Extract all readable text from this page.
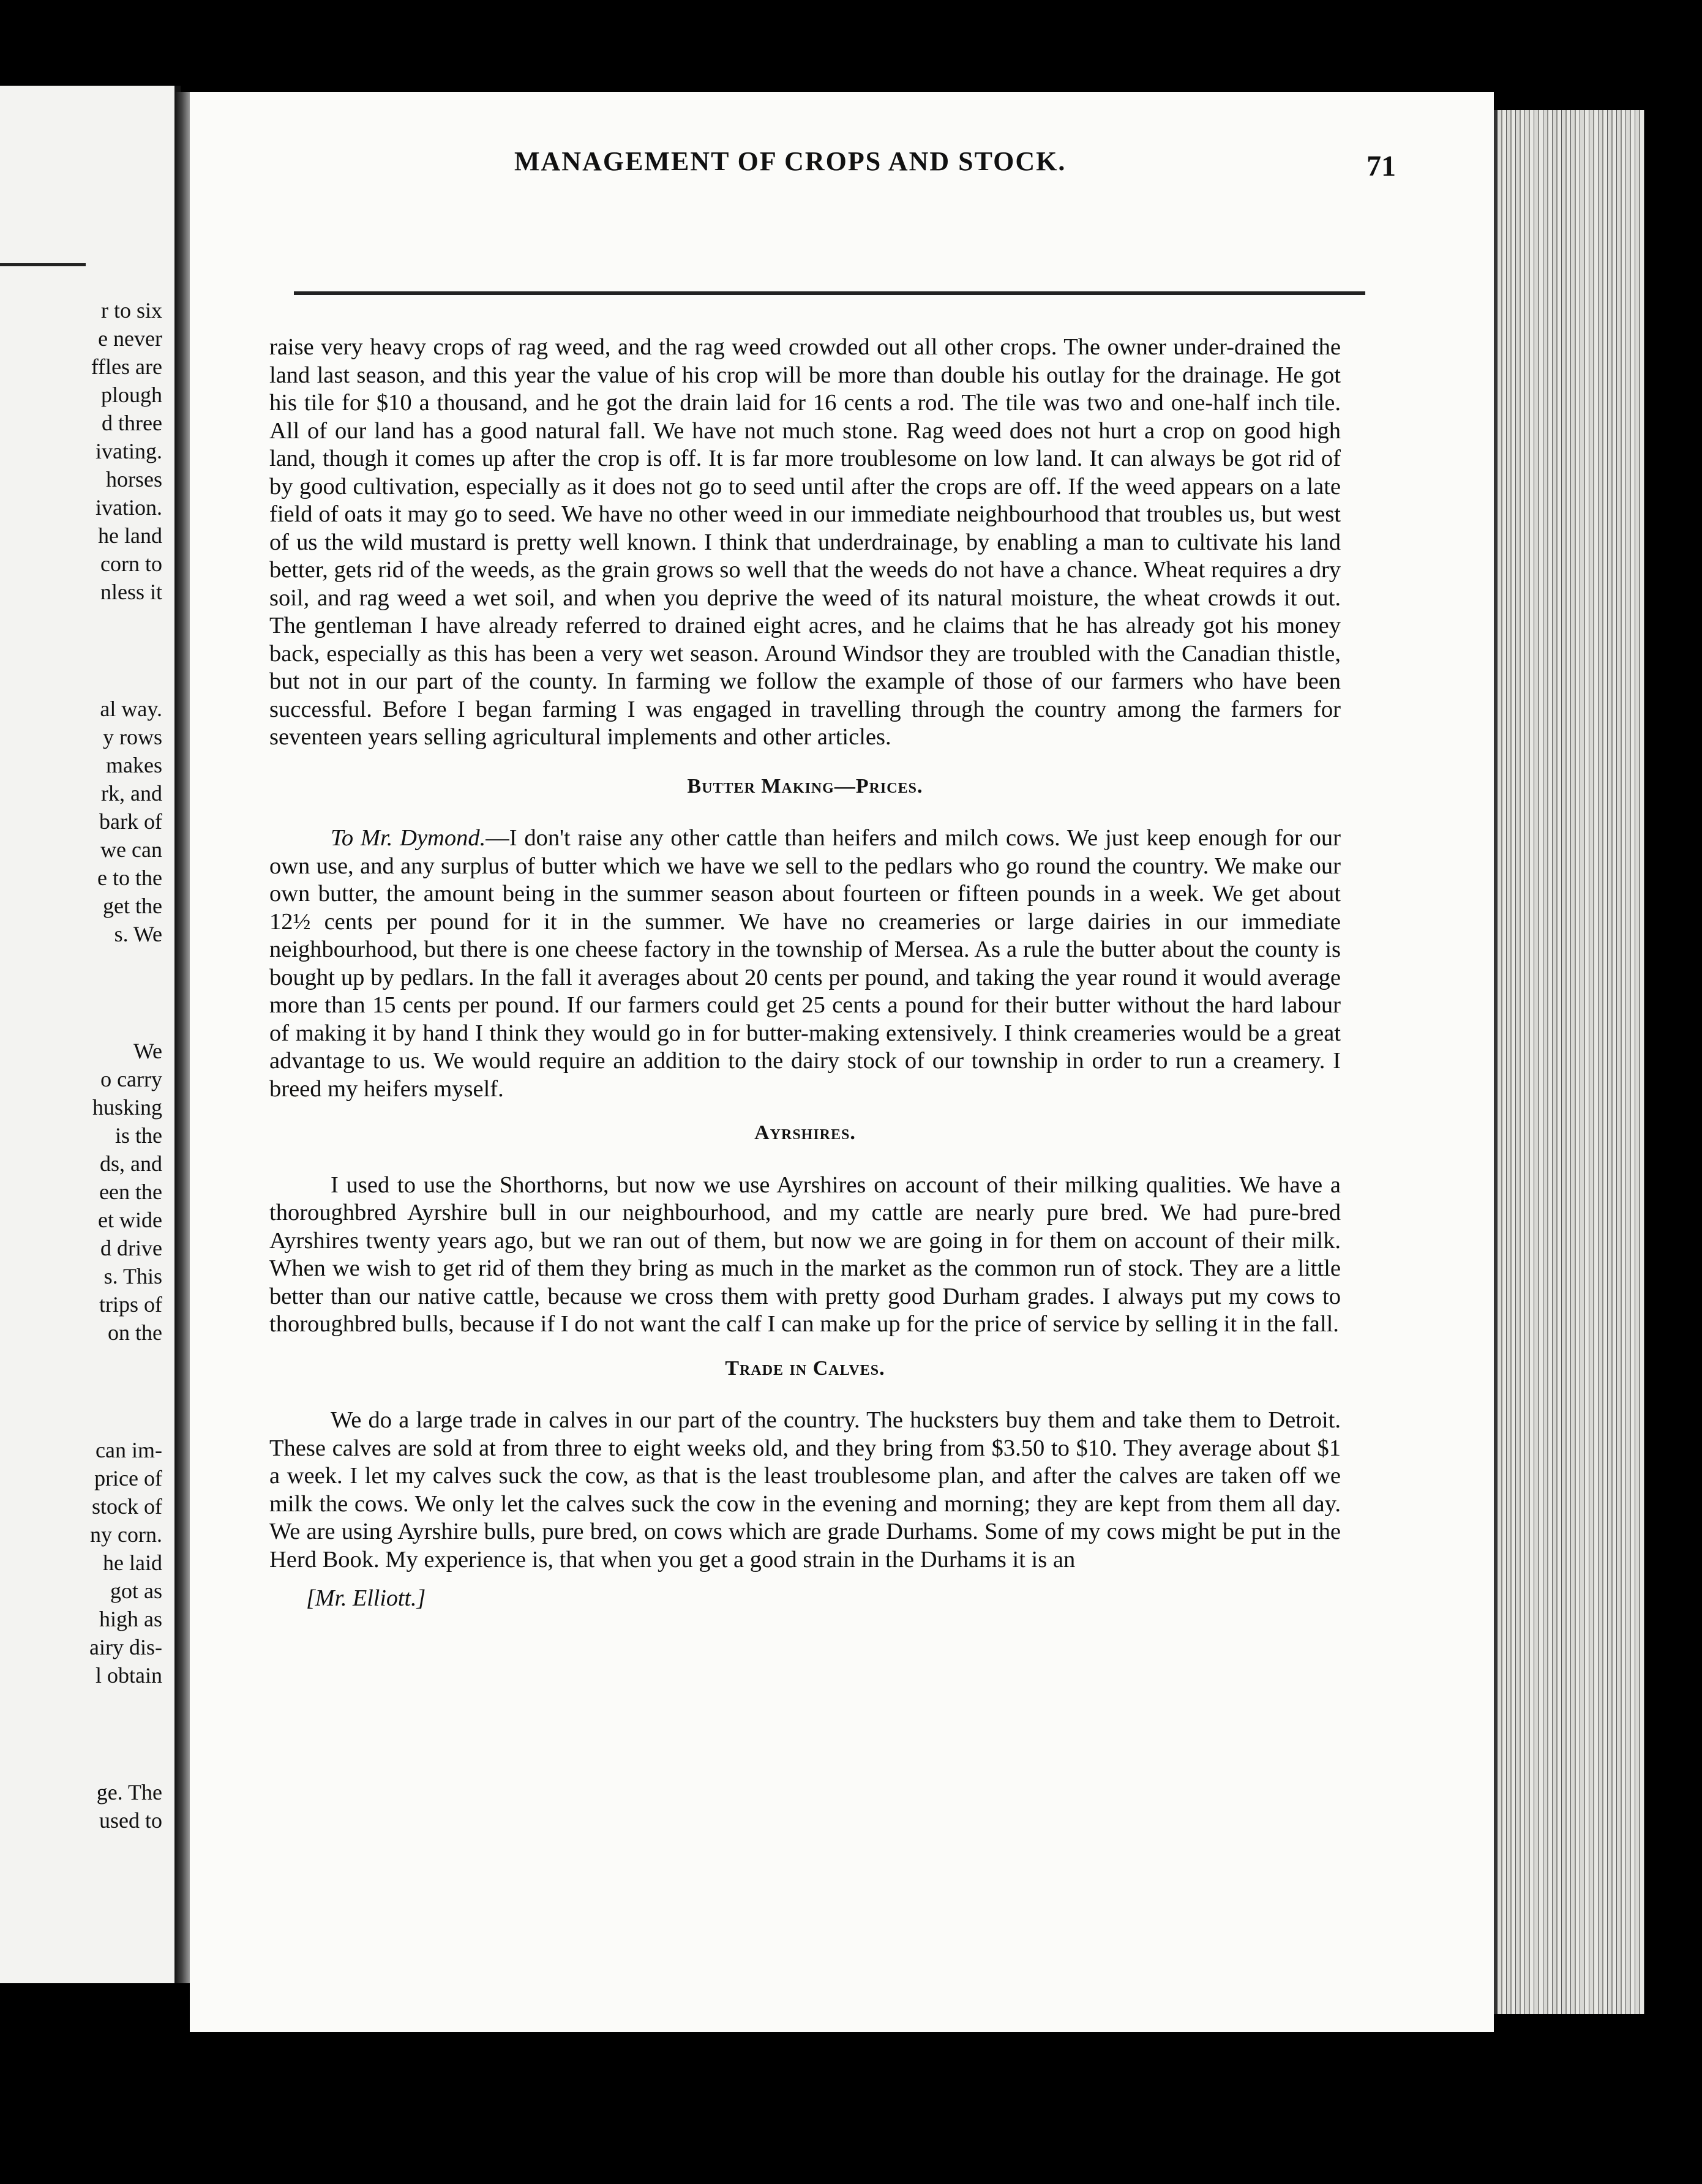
r to six
e never
ffles are
plough
d three
ivating.
horses
ivation.
he land
corn to
nless it
al way.
y rows
makes
rk, and
bark of
we can
e to the
get the
s. We
We
o carry
husking
is the
ds, and
een the
et wide
d drive
s. This
trips of
on the
can im-
price of
stock of
ny corn.
he laid
got as
high as
airy dis-
l obtain
ge. The
used to
MANAGEMENT OF CROPS AND STOCK.	71

raise very heavy crops of rag weed, and the rag weed crowded out all other crops. The owner under-drained the land last season, and this year the value of his crop will be more than double his outlay for the drainage. He got his tile for $10 a thousand, and he got the drain laid for 16 cents a rod. The tile was two and one-half inch tile. All of our land has a good natural fall. We have not much stone. Rag weed does not hurt a crop on good high land, though it comes up after the crop is off. It is far more troublesome on low land. It can always be got rid of by good cultivation, especially as it does not go to seed until after the crops are off. If the weed appears on a late field of oats it may go to seed. We have no other weed in our immediate neighbourhood that troubles us, but west of us the wild mustard is pretty well known. I think that underdrainage, by enabling a man to cultivate his land better, gets rid of the weeds, as the grain grows so well that the weeds do not have a chance. Wheat requires a dry soil, and rag weed a wet soil, and when you deprive the weed of its natural moisture, the wheat crowds it out. The gentleman I have already referred to drained eight acres, and he claims that he has already got his money back, especially as this has been a very wet season. Around Windsor they are troubled with the Canadian thistle, but not in our part of the county. In farming we follow the example of those of our farmers who have been successful. Before I began farming I was engaged in travelling through the country among the farmers for seventeen years selling agricultural implements and other articles.

Butter Making—Prices.

To Mr. Dymond.—I don't raise any other cattle than heifers and milch cows. We just keep enough for our own use, and any surplus of butter which we have we sell to the pedlars who go round the country. We make our own butter, the amount being in the summer season about fourteen or fifteen pounds in a week. We get about 12½ cents per pound for it in the summer. We have no creameries or large dairies in our immediate neighbourhood, but there is one cheese factory in the township of Mersea. As a rule the butter about the county is bought up by pedlars. In the fall it averages about 20 cents per pound, and taking the year round it would average more than 15 cents per pound. If our farmers could get 25 cents a pound for their butter without the hard labour of making it by hand I think they would go in for butter-making extensively. I think creameries would be a great advantage to us. We would require an addition to the dairy stock of our township in order to run a creamery. I breed my heifers myself.

Ayrshires.

I used to use the Shorthorns, but now we use Ayrshires on account of their milking qualities. We have a thoroughbred Ayrshire bull in our neighbourhood, and my cattle are nearly pure bred. We had pure-bred Ayrshires twenty years ago, but we ran out of them, but now we are going in for them on account of their milk. When we wish to get rid of them they bring as much in the market as the common run of stock. They are a little better than our native cattle, because we cross them with pretty good Durham grades. I always put my cows to thoroughbred bulls, because if I do not want the calf I can make up for the price of service by selling it in the fall.

Trade in Calves.

We do a large trade in calves in our part of the country. The hucksters buy them and take them to Detroit. These calves are sold at from three to eight weeks old, and they bring from $3.50 to $10. They average about $1 a week. I let my calves suck the cow, as that is the least troublesome plan, and after the calves are taken off we milk the cows. We only let the calves suck the cow in the evening and morning; they are kept from them all day. We are using Ayrshire bulls, pure bred, on cows which are grade Durhams. Some of my cows might be put in the Herd Book. My experience is, that when you get a good strain in the Durhams it is an

[Mr. Elliott.]
